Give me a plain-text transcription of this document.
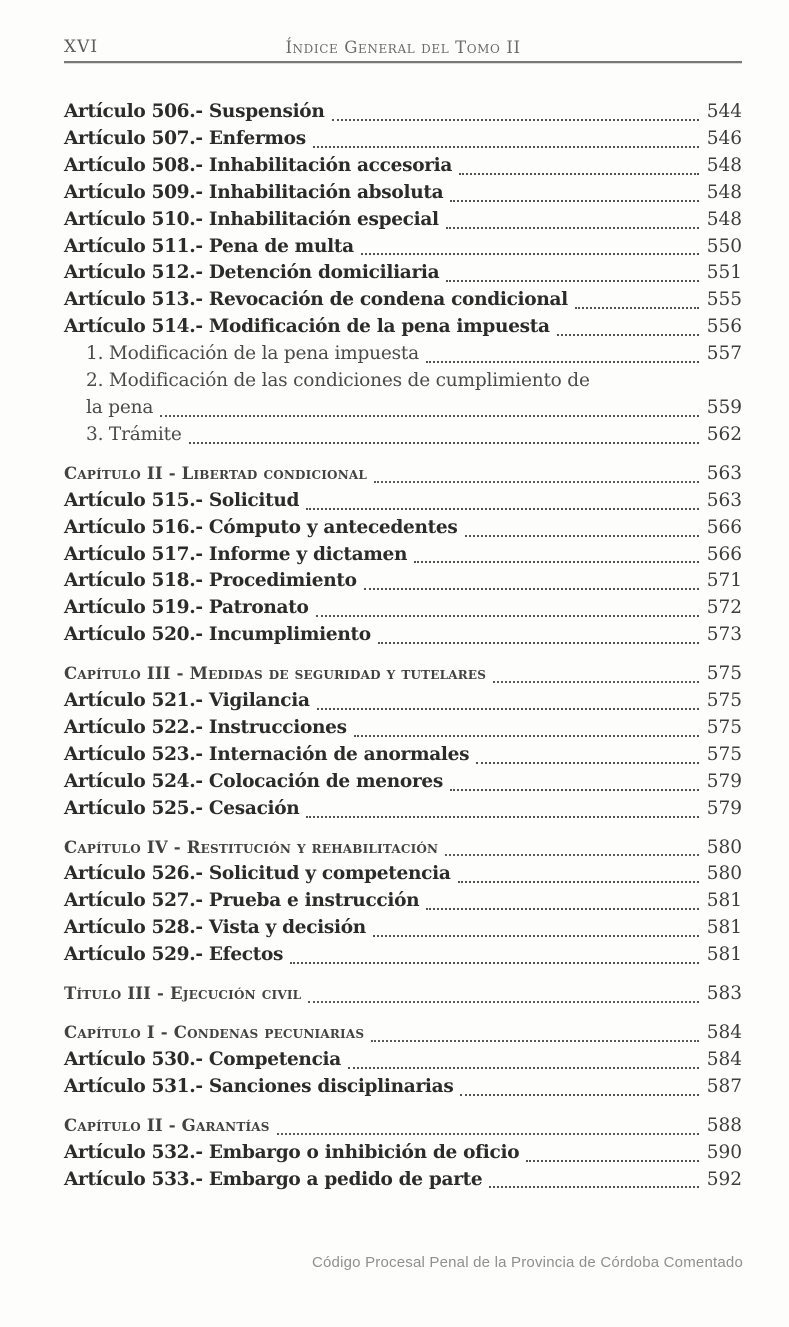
XVI	Índice General del Tomo II
Artículo 506.- Suspensión	544
Artículo 507.- Enfermos	546
Artículo 508.- Inhabilitación accesoria	548
Artículo 509.- Inhabilitación absoluta	548
Artículo 510.- Inhabilitación especial	548
Artículo 511.- Pena de multa	550
Artículo 512.- Detención domiciliaria	551
Artículo 513.- Revocación de condena condicional	555
Artículo 514.- Modificación de la pena impuesta	556
1. Modificación de la pena impuesta	557
2. Modificación de las condiciones de cumplimiento de
la pena	559
3. Trámite	562
Capítulo II - Libertad condicional	563
Artículo 515.- Solicitud	563
Artículo 516.- Cómputo y antecedentes	566
Artículo 517.- Informe y dictamen	566
Artículo 518.- Procedimiento	571
Artículo 519.- Patronato	572
Artículo 520.- Incumplimiento	573
Capítulo III - Medidas de seguridad y tutelares	575
Artículo 521.- Vigilancia	575
Artículo 522.- Instrucciones	575
Artículo 523.- Internación de anormales	575
Artículo 524.- Colocación de menores	579
Artículo 525.- Cesación	579
Capítulo IV - Restitución y rehabilitación	580
Artículo 526.- Solicitud y competencia	580
Artículo 527.- Prueba e instrucción	581
Artículo 528.- Vista y decisión	581
Artículo 529.- Efectos	581
Título III - Ejecución civil	583
Capítulo I - Condenas pecuniarias	584
Artículo 530.- Competencia	584
Artículo 531.- Sanciones disciplinarias	587
Capítulo II - Garantías	588
Artículo 532.- Embargo o inhibición de oficio	590
Artículo 533.- Embargo a pedido de parte	592
Código Procesal Penal de la Provincia de Córdoba Comentado
